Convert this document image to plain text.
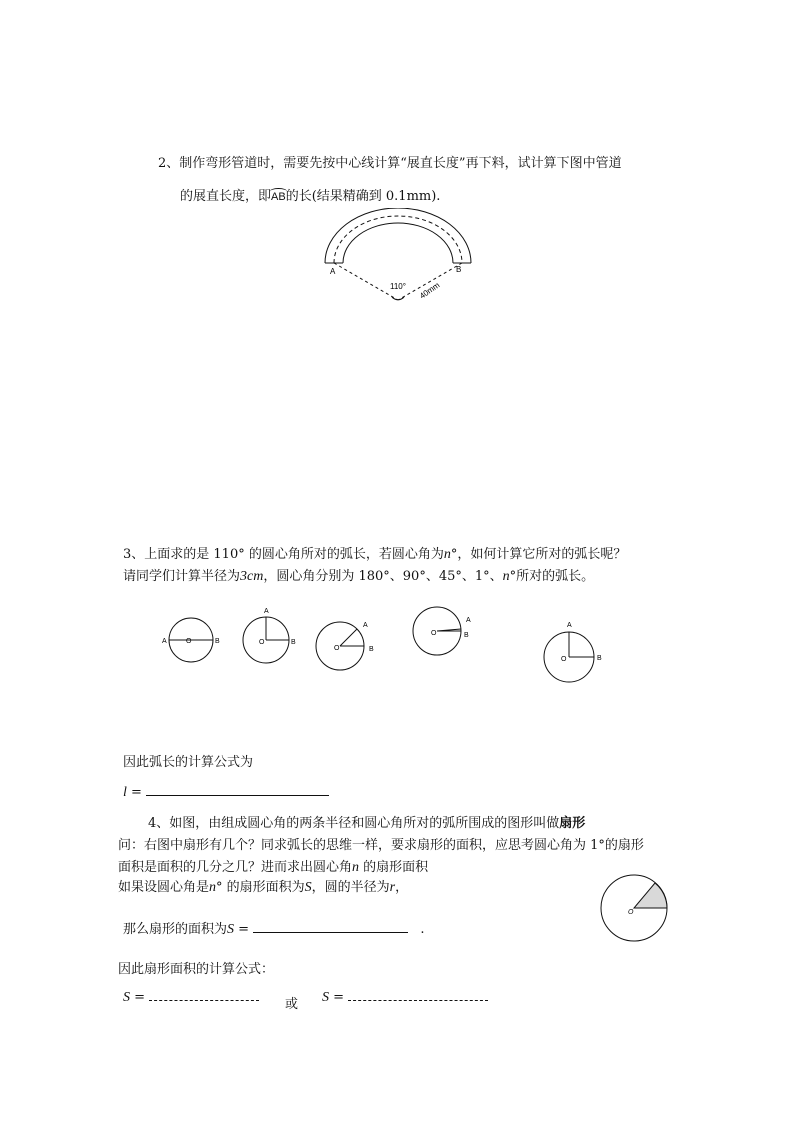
2、制作弯形管道时，需要先按中心线计算“展直长度”再下料，试计算下图中管道
的展直长度，即AB的长(结果精确到 0.1mm).
A	B
110° 40mm
3、上面求的是 110° 的圆心角所对的弧长，若圆心角为n°，如何计算它所对的弧长呢？
请同学们计算半径为3cm，圆心角分别为 180°、90°、45°、1°、n°所对的弧长。
A	B
O
A
B
O
A
B
O
A
B
O
A
B
O
因此弧长的计算公式为
l =
4、如图，由组成圆心角的两条半径和圆心角所对的弧所围成的图形叫做扇形
问：右图中扇形有几个？同求弧长的思维一样，要求扇形的面积，应思考圆心角为 1°的扇形
面积是面积的几分之几？进而求出圆心角n 的扇形面积
如果设圆心角是n° 的扇形面积为S，圆的半径为r，
O
那么扇形的面积为S =	.
因此扇形面积的计算公式：
S =	或 S =
